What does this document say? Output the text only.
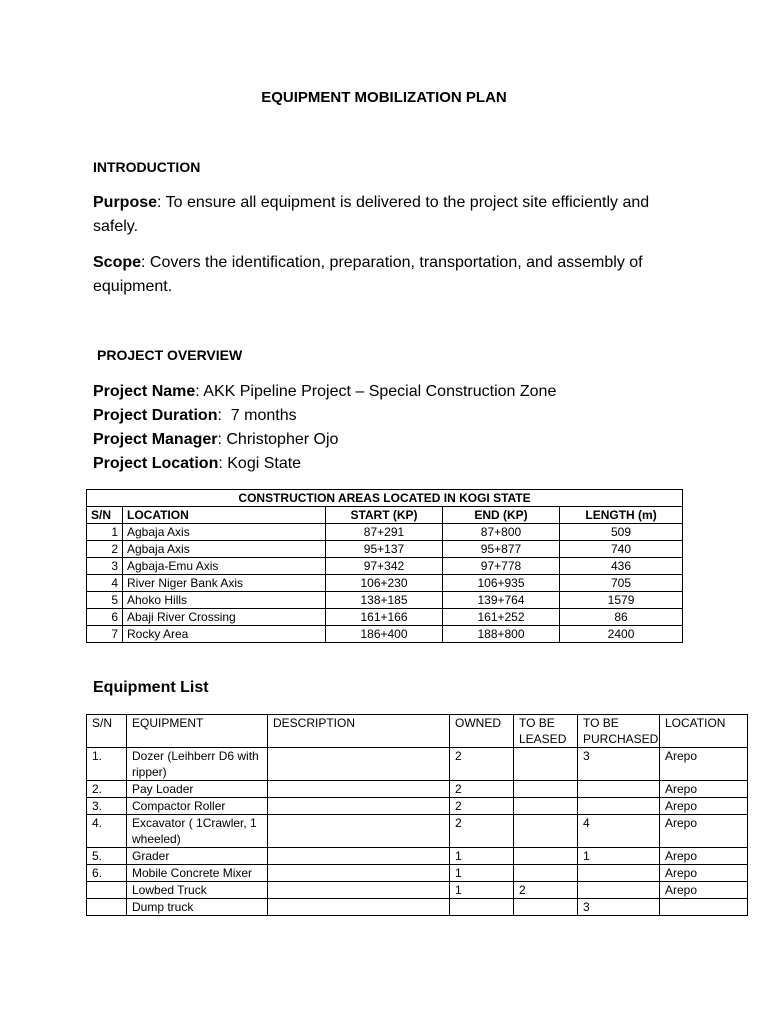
EQUIPMENT MOBILIZATION PLAN
INTRODUCTION
Purpose: To ensure all equipment is delivered to the project site efficiently and safely.
Scope: Covers the identification, preparation, transportation, and assembly of equipment.
PROJECT OVERVIEW
Project Name: AKK Pipeline Project – Special Construction Zone
Project Duration:  7 months
Project Manager: Christopher Ojo
Project Location: Kogi State
CONSTRUCTION AREAS LOCATED IN KOGI STATE				
S/N	LOCATION	START (KP)	END (KP)	LENGTH (m)
1	Agbaja Axis	87+291	87+800	509
2	Agbaja Axis	95+137	95+877	740
3	Agbaja-Emu Axis	97+342	97+778	436
4	River Niger Bank Axis	106+230	106+935	705
5	Ahoko Hills	138+185	139+764	1579
6	Abaji River Crossing	161+166	161+252	86
7	Rocky Area	186+400	188+800	2400
Equipment List
S/N	EQUIPMENT	DESCRIPTION	OWNED	TO BE LEASED	TO BE PURCHASED	LOCATION
1.	Dozer (Leihberr D6 with ripper)		2		3	Arepo
2.	Pay Loader		2			Arepo
3.	Compactor Roller		2			Arepo
4.	Excavator ( 1Crawler, 1 wheeled)		2		4	Arepo
5.	Grader		1		1	Arepo
6.	Mobile Concrete Mixer		1			Arepo
	Lowbed Truck		1	2		Arepo
	Dump truck				3	
